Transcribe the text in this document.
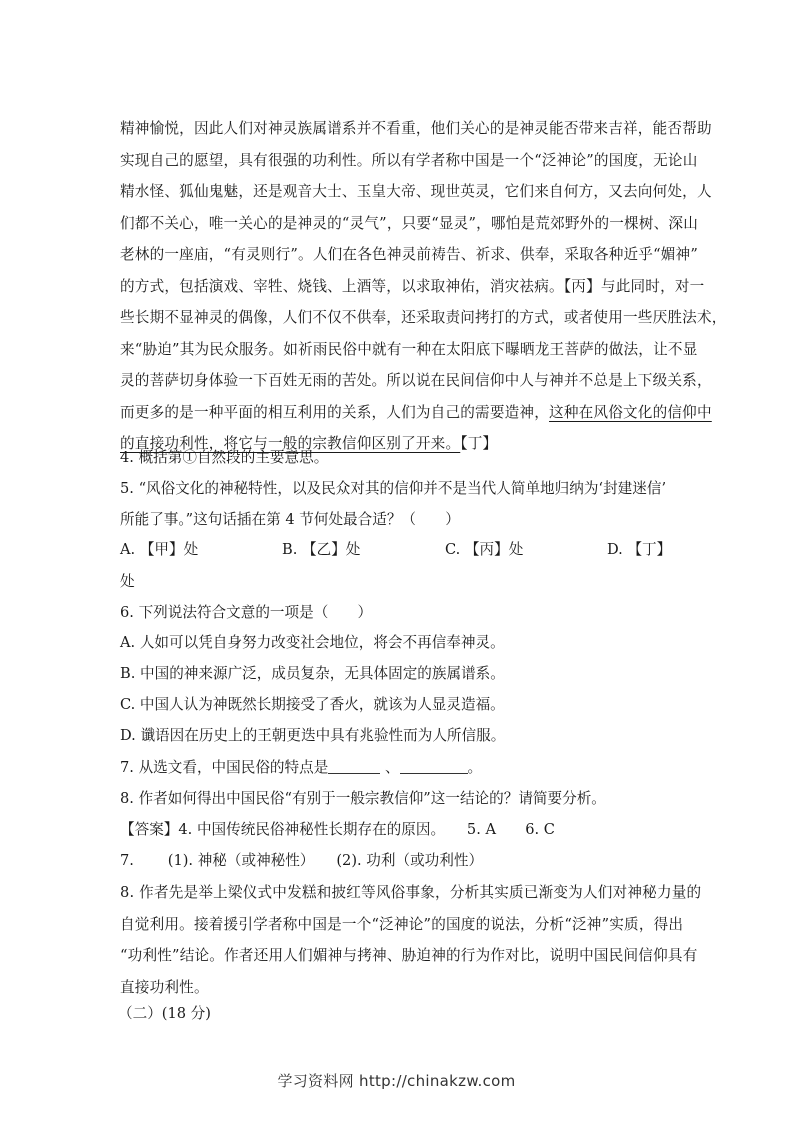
精神愉悦，因此人们对神灵族属谱系并不看重，他们关心的是神灵能否带来吉祥，能否帮助
实现自己的愿望，具有很强的功利性。所以有学者称中国是一个“泛神论”的国度，无论山
精水怪、狐仙鬼魅，还是观音大士、玉皇大帝、现世英灵，它们来自何方，又去向何处，人
们都不关心，唯一关心的是神灵的“灵气”，只要“显灵”，哪怕是荒郊野外的一棵树、深山
老林的一座庙，“有灵则行”。人们在各色神灵前祷告、祈求、供奉，采取各种近乎“媚神”
的方式，包括演戏、宰牲、烧钱、上酒等，以求取神佑，消灾祛病。【丙】与此同时，对一
些长期不显神灵的偶像，人们不仅不供奉，还采取责问拷打的方式，或者使用一些厌胜法术，
来“胁迫”其为民众服务。如祈雨民俗中就有一种在太阳底下曝晒龙王菩萨的做法，让不显
灵的菩萨切身体验一下百姓无雨的苦处。所以说在民间信仰中人与神并不总是上下级关系，
而更多的是一种平面的相互利用的关系，人们为自己的需要造神，这种在风俗文化的信仰中
的直接功利性，将它与一般的宗教信仰区别了开来。【丁】
4. 概括第①自然段的主要意思。
5. “风俗文化的神秘特性，以及民众对其的信仰并不是当代人简单地归纳为‘封建迷信’
所能了事。”这句话插在第 4 节何处最合适？（　　）
A. 【甲】处	B. 【乙】处	C. 【丙】处	D. 【丁】
处
6. 下列说法符合文意的一项是（　　）
A. 人如可以凭自身努力改变社会地位，将会不再信奉神灵。
B. 中国的神来源广泛，成员复杂，无具体固定的族属谱系。
C. 中国人认为神既然长期接受了香火，就该为人显灵造福。
D. 谶语因在历史上的王朝更迭中具有兆验性而为人所信服。
7. 从选文看，中国民俗的特点是	、	。
8. 作者如何得出中国民俗“有别于一般宗教信仰”这一结论的？请简要分析。
【答案】4. 中国传统民俗神秘性长期存在的原因。　　5. A　　6. C
7.　　 (1). 神秘（或神秘性）　　(2). 功利（或功利性）
8. 作者先是举上梁仪式中发糕和披红等风俗事象，分析其实质已渐变为人们对神秘力量的
自觉利用。接着援引学者称中国是一个“泛神论”的国度的说法，分析“泛神”实质，得出
“功利性”结论。作者还用人们媚神与拷神、胁迫神的行为作对比，说明中国民间信仰具有
直接功利性。
（二）(18 分)
学习资料网 http://chinakzw.com
